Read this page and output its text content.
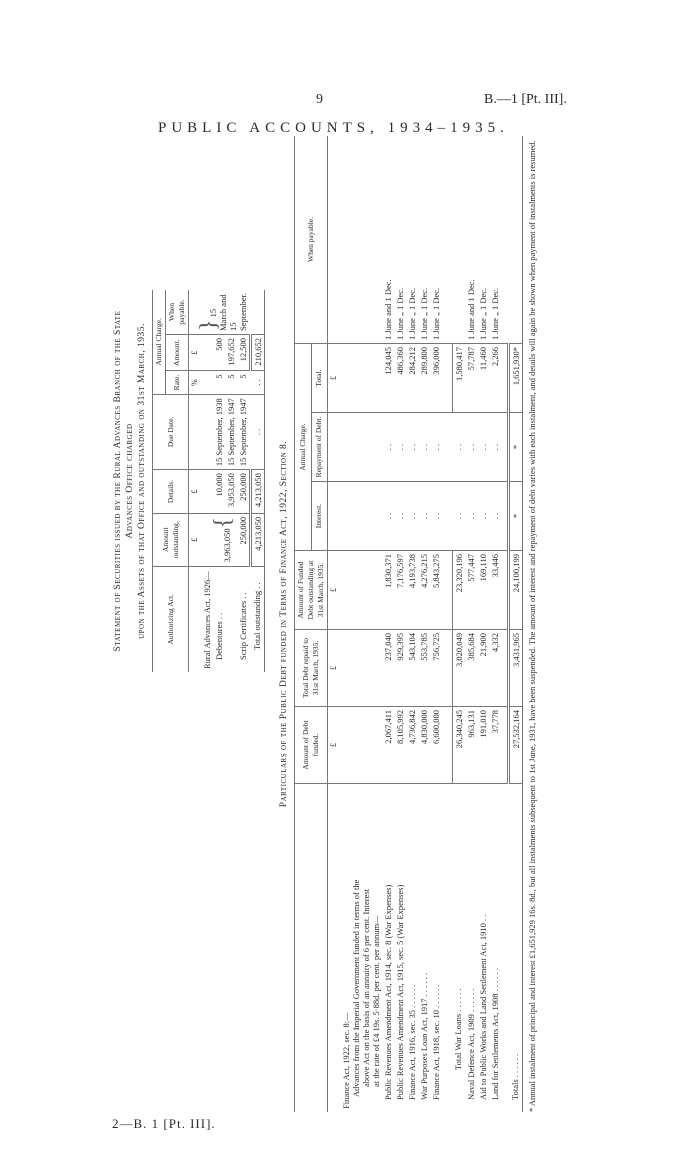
9	B.—1 [Pt. III].
PUBLIC ACCOUNTS, 1934–1935.
Statement of Securities issued by the Rural Advances Branch of the State Advances Office charged upon the Assets of that Office and outstanding on 31st March, 1935. Authorizing Act.	Amount outstanding.	Details.	Due Date.	Annual Charge.		
				Rate.	Amount.	When payable.
	£	£		%	£	
Rural Advances Act, 1926—						} 15 March and 15 September.
Debentures . .	3,963,050{	10,000	15 September, 1938	5	500	
		3,953,050	15 September, 1947	5	197,652	
Scrip Certificates . .	250,000	250,000	15 September, 1947	5	12,500	
Total outstanding . .	4,213,050	4,213,050	. .	. .	210,652	
Particulars of the Public Debt funded in Terms of Finance Act, 1922, Section 8.
	Amount of Debt funded.	Total Debt repaid to 31st March, 1935.	Amount of Funded Debt outstanding at 31st March, 1935.	Annual Charge.			When payable.
				Interest.	Repayment of Debt.	Total.	
	£	£	£			£	

Finance Act, 1922, sec. 8:— Advances from the Imperial Government funded in terms of the above Act on the basis of an annuity of 6 per cent. Interest at the rate of £4 19s. 5·88d. per cent. per annum—							

Public Revenues Amendment Act, 1914, sec. 8 (War Expenses)	2,067,411	237,040	1,830,371	. .	. .	124,045	1 June and 1 Dec.
Public Revenues Amendment Act, 1915, sec. 5 (War Expenses)	8,105,992	929,395	7,176,597	. .	. .	486,360	1 June „ 1 Dec.
Finance Act, 1916, sec. 35 . . . . . .	4,736,842	543,104	4,193,738	. .	. .	284,212	1 June „ 1 Dec.
War Purposes Loan Act, 1917 . . . . . .	4,830,000	553,785	4,276,215	. .	. .	289,800	1 June „ 1 Dec.
Finance Act, 1918, sec. 10 . . . . . .	6,600,000	756,725	5,843,275	. .	. .	396,000	1 June „ 1 Dec.

Total War Loans . . . . . .	26,340,245	3,020,049	23,320,196	. .	. .	1,580,417	
Naval Defence Act, 1909 . . . . . .	963,131	385,684	577,447	. .	. .	57,787	1 June and 1 Dec.
Aid to Public Works and Land Settlement Act, 1910 . .	191,010	21,900	169,110	. .	. .	11,460	1 June „ 1 Dec.
Land for Settlements Act, 1908 . . . . . .	37,778	4,332	33,446	. .	. .	2,266	1 June „ 1 Dec.

Totals . . . . . .	27,532,164	3,431,965	24,100,199	*	*	1,651,930*	* Annual instalment of principal and interest £1,651,929 16s. 8d., but all instalments subsequent to 1st June, 1931, have been suspended. The amount of interest and repayment of debt varies with each instalment, and details will again be shown when payment of instalments is resumed.
2—B. 1 [Pt. III].
